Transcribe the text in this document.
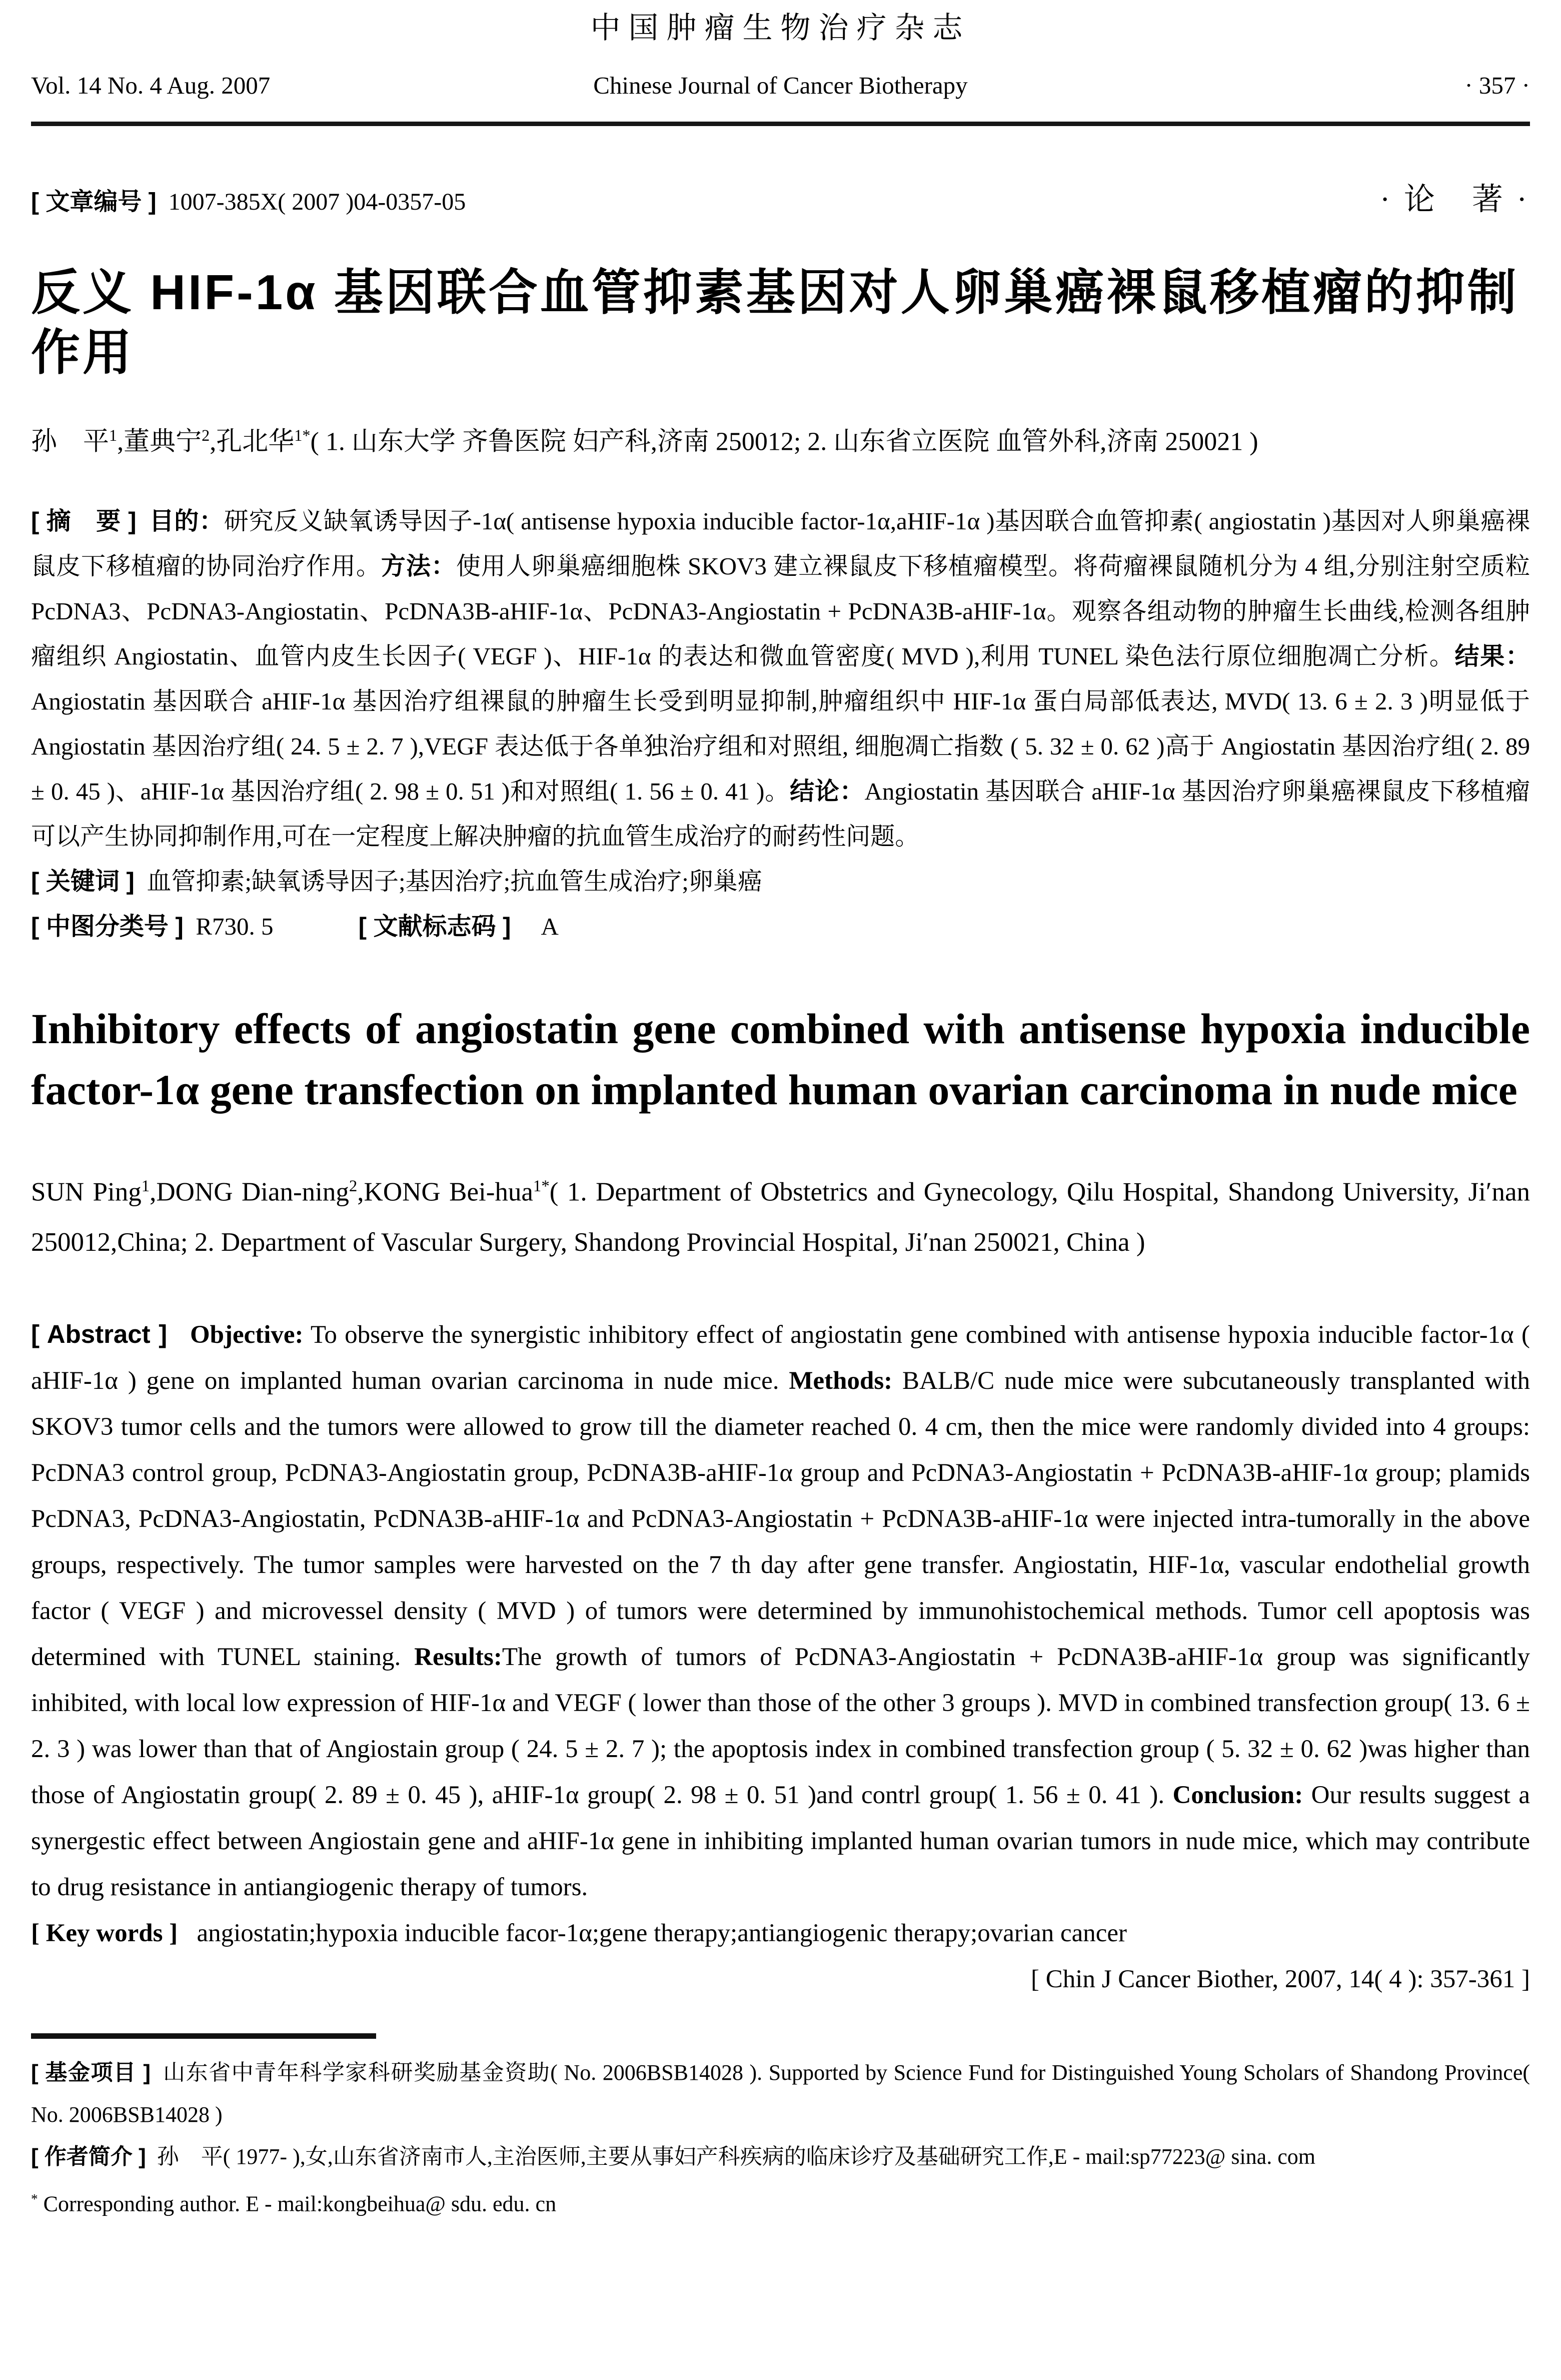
中国肿瘤生物治疗杂志
Vol. 14 No. 4 Aug. 2007	Chinese Journal of Cancer Biotherapy	· 357 ·
[ 文章编号 ] 1007-385X( 2007 )04-0357-05	· 论　著 ·
反义 HIF-1α 基因联合血管抑素基因对人卵巢癌裸鼠移植瘤的抑制作用
孙　平$^1$,董典宁$^2$,孔北华$^{1*}$( 1. 山东大学 齐鲁医院 妇产科,济南 250012; 2. 山东省立医院 血管外科,济南 250021 )
[ 摘　要 ] 目的：研究反义缺氧诱导因子-1α( antisense hypoxia inducible factor-1α,aHIF-1α )基因联合血管抑素( angiostatin )基因对人卵巢癌裸鼠皮下移植瘤的协同治疗作用。方法：使用人卵巢癌细胞株 SKOV3 建立裸鼠皮下移植瘤模型。将荷瘤裸鼠随机分为 4 组,分别注射空质粒 PcDNA3、PcDNA3-Angiostatin、PcDNA3B-aHIF-1α、PcDNA3-Angiostatin + PcDNA3B-aHIF-1α。观察各组动物的肿瘤生长曲线,检测各组肿瘤组织 Angiostatin、血管内皮生长因子( VEGF )、HIF-1α 的表达和微血管密度( MVD ),利用 TUNEL 染色法行原位细胞凋亡分析。结果：Angiostatin 基因联合 aHIF-1α 基因治疗组裸鼠的肿瘤生长受到明显抑制,肿瘤组织中 HIF-1α 蛋白局部低表达, MVD( 13. 6 ± 2. 3 )明显低于 Angiostatin 基因治疗组( 24. 5 ± 2. 7 ),VEGF 表达低于各单独治疗组和对照组, 细胞凋亡指数 ( 5. 32 ± 0. 62 )高于 Angiostatin 基因治疗组( 2. 89 ± 0. 45 )、aHIF-1α 基因治疗组( 2. 98 ± 0. 51 )和对照组( 1. 56 ± 0. 41 )。结论：Angiostatin 基因联合 aHIF-1α 基因治疗卵巢癌裸鼠皮下移植瘤可以产生协同抑制作用,可在一定程度上解决肿瘤的抗血管生成治疗的耐药性问题。
[ 关键词 ] 血管抑素;缺氧诱导因子;基因治疗;抗血管生成治疗;卵巢癌
[ 中图分类号 ] R730. 5	[ 文献标志码 ] A
Inhibitory effects of angiostatin gene combined with antisense hypoxia inducible factor-1α gene transfection on implanted human ovarian carcinoma in nude mice
SUN Ping$^1$,DONG Dian-ning$^2$,KONG Bei-hua$^{1*}$( 1. Department of Obstetrics and Gynecology, Qilu Hospital, Shandong University, Ji′nan 250012,China; 2. Department of Vascular Surgery, Shandong Provincial Hospital, Ji′nan 250021, China )
[ Abstract ] Objective: To observe the synergistic inhibitory effect of angiostatin gene combined with antisense hypoxia inducible factor-1α ( aHIF-1α ) gene on implanted human ovarian carcinoma in nude mice. Methods: BALB/C nude mice were subcutaneously transplanted with SKOV3 tumor cells and the tumors were allowed to grow till the diameter reached 0. 4 cm, then the mice were randomly divided into 4 groups: PcDNA3 control group, PcDNA3-Angiostatin group, PcDNA3B-aHIF-1α group and PcDNA3-Angiostatin + PcDNA3B-aHIF-1α group; plamids PcDNA3, PcDNA3-Angiostatin, PcDNA3B-aHIF-1α and PcDNA3-Angiostatin + PcDNA3B-aHIF-1α were injected intra-tumorally in the above groups, respectively. The tumor samples were harvested on the 7 th day after gene transfer. Angiostatin, HIF-1α, vascular endothelial growth factor ( VEGF ) and microvessel density ( MVD ) of tumors were determined by immunohistochemical methods. Tumor cell apoptosis was determined with TUNEL staining. Results:The growth of tumors of PcDNA3-Angiostatin + PcDNA3B-aHIF-1α group was significantly inhibited, with local low expression of HIF-1α and VEGF ( lower than those of the other 3 groups ). MVD in combined transfection group( 13. 6 ± 2. 3 ) was lower than that of Angiostain group ( 24. 5 ± 2. 7 ); the apoptosis index in combined transfection group ( 5. 32 ± 0. 62 )was higher than those of Angiostatin group( 2. 89 ± 0. 45 ), aHIF-1α group( 2. 98 ± 0. 51 )and contrl group( 1. 56 ± 0. 41 ). Conclusion: Our results suggest a synergestic effect between Angiostain gene and aHIF-1α gene in inhibiting implanted human ovarian tumors in nude mice, which may contribute to drug resistance in antiangiogenic therapy of tumors.
[ Key words ] angiostatin;hypoxia inducible facor-1α;gene therapy;antiangiogenic therapy;ovarian cancer
[ Chin J Cancer Biother, 2007, 14( 4 ): 357-361 ]
[ 基金项目 ] 山东省中青年科学家科研奖励基金资助( No. 2006BSB14028 ). Supported by Science Fund for Distinguished Young Scholars of Shandong Province( No. 2006BSB14028 )
[ 作者简介 ] 孙　平( 1977- ),女,山东省济南市人,主治医师,主要从事妇产科疾病的临床诊疗及基础研究工作,E - mail:sp77223@ sina. com
* Corresponding author. E - mail:kongbeihua@ sdu. edu. cn
